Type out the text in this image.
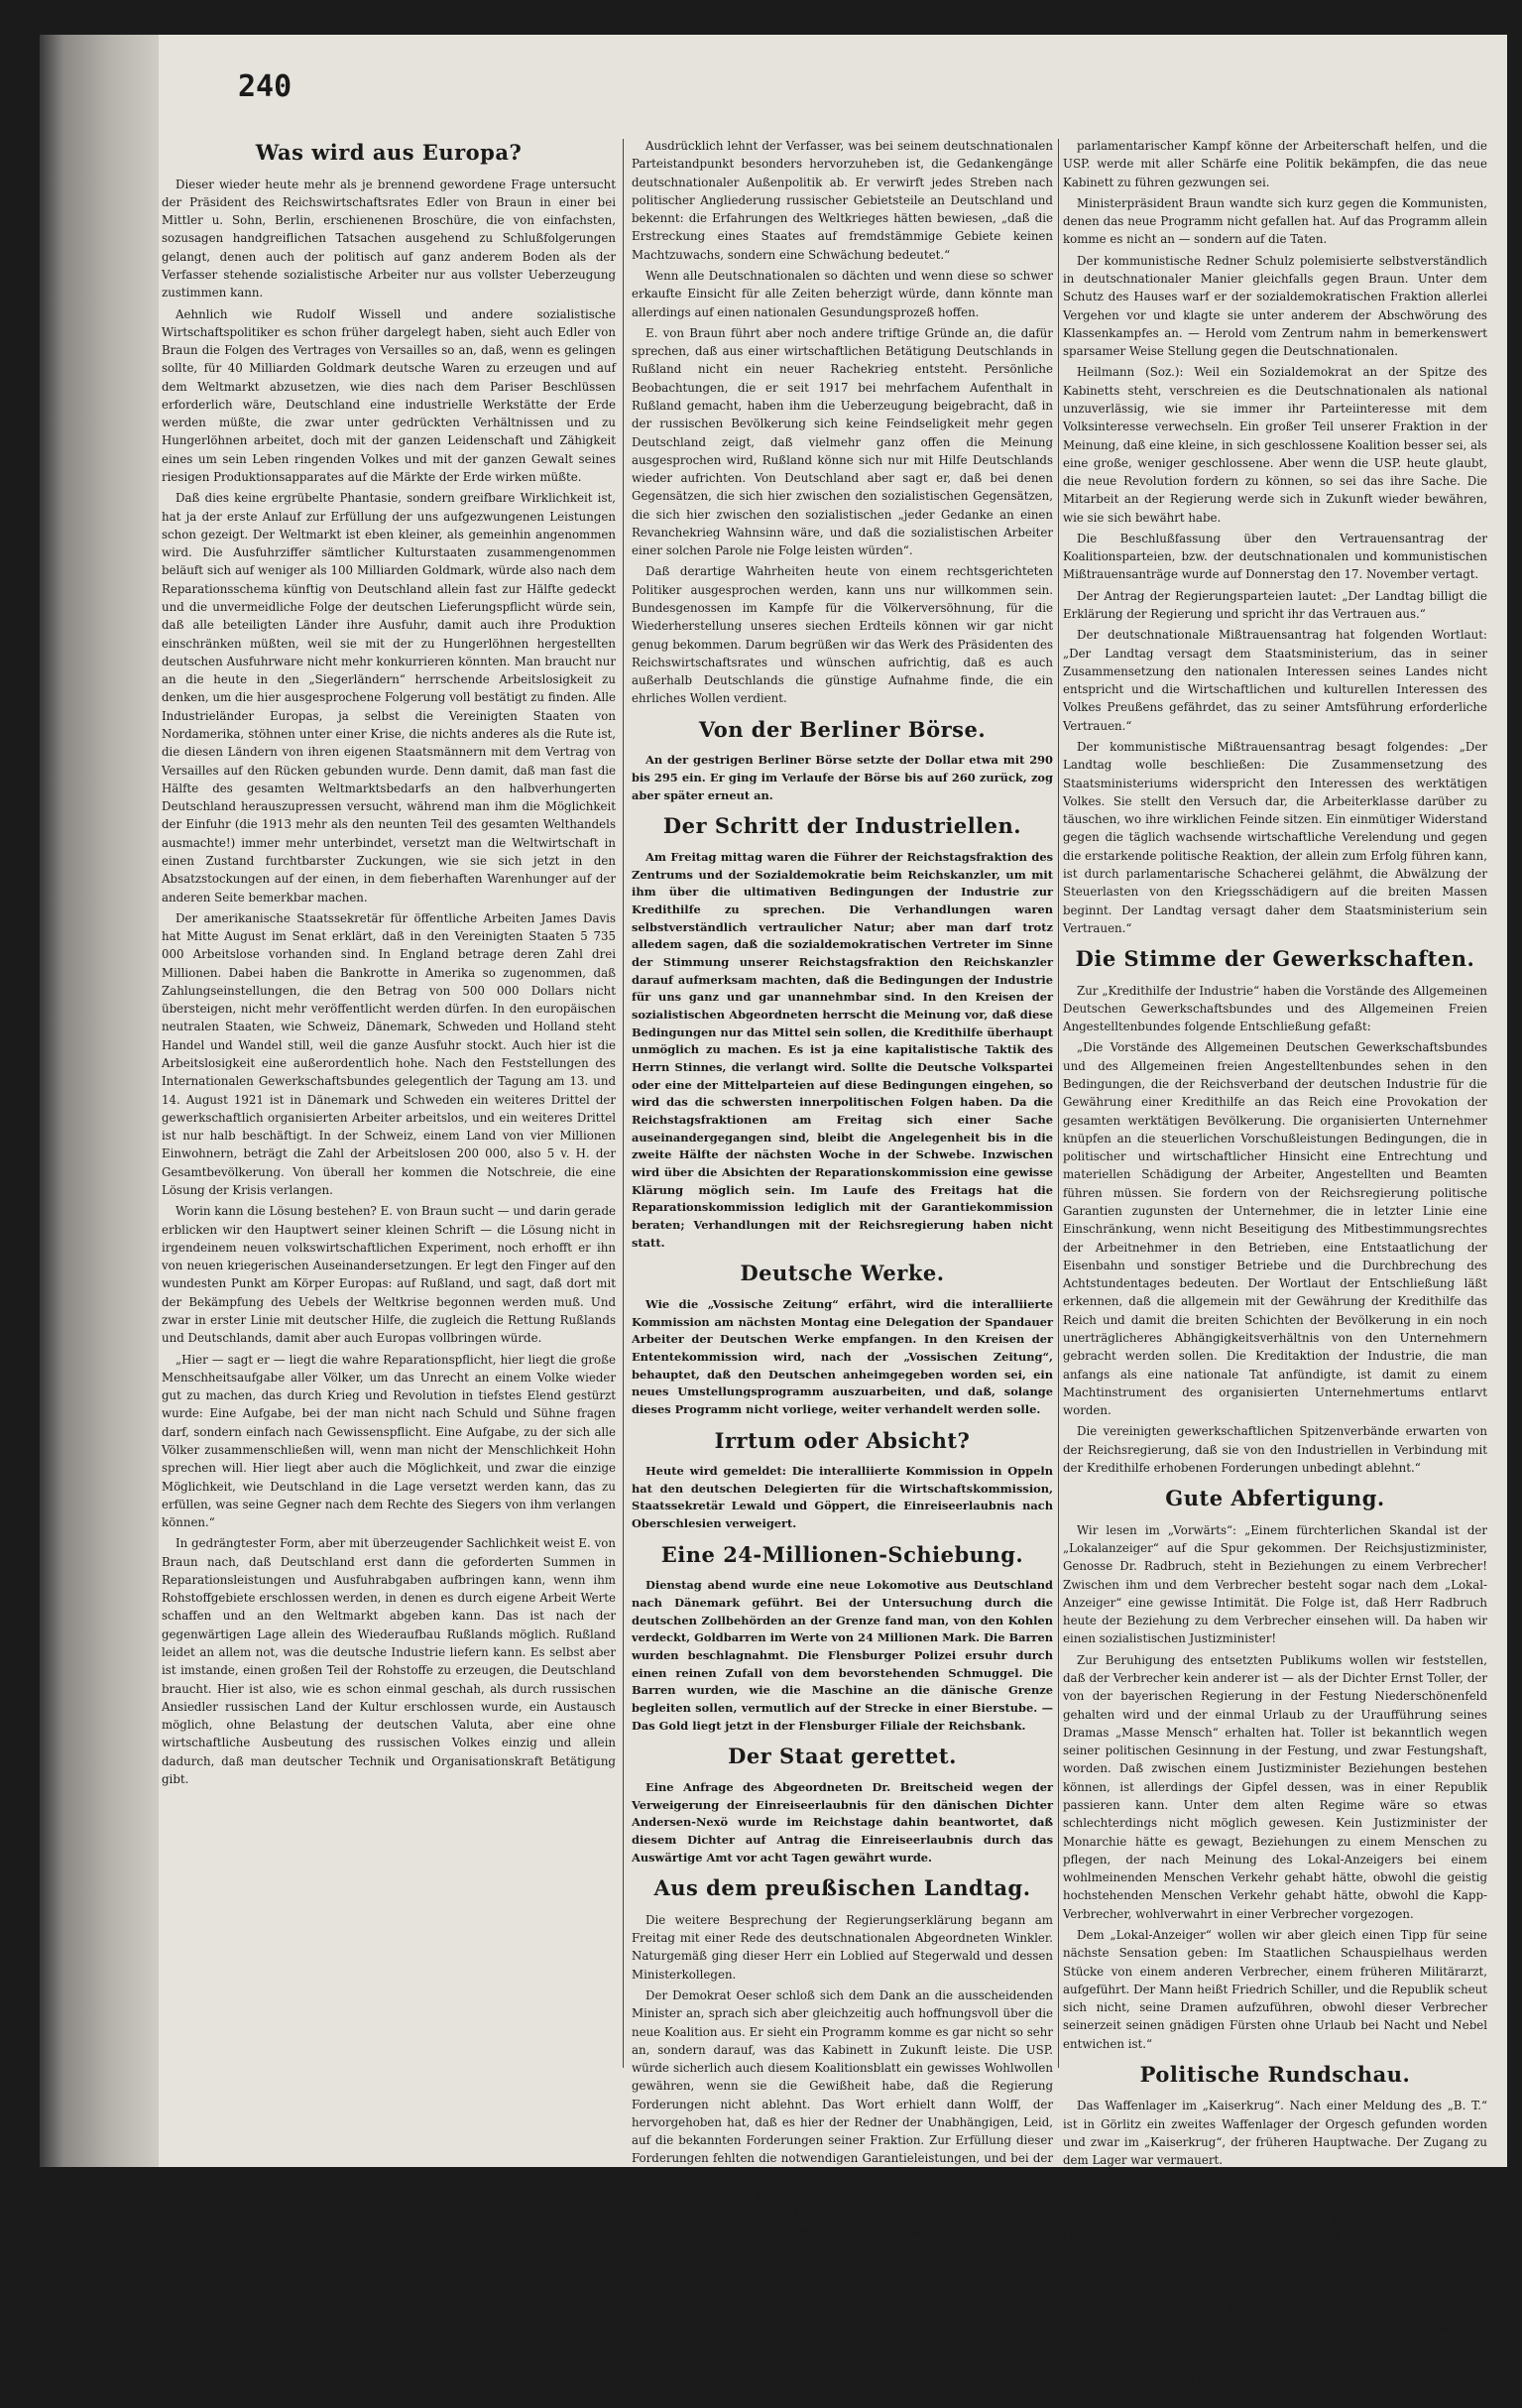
240
Was wird aus Europa?

Dieser wieder heute mehr als je brennend gewordene Frage untersucht der Präsident des Reichswirtschaftsrates Edler von Braun in einer bei Mittler u. Sohn, Berlin, erschienenen Broschüre, die von einfachsten, sozusagen handgreiflichen Tatsachen ausgehend zu Schlußfolgerungen gelangt, denen auch der politisch auf ganz anderem Boden als der Verfasser stehende sozialistische Arbeiter nur aus vollster Ueberzeugung zustimmen kann.

Aehnlich wie Rudolf Wissell und andere sozialistische Wirtschaftspolitiker es schon früher dargelegt haben, sieht auch Edler von Braun die Folgen des Vertrages von Versailles so an, daß, wenn es gelingen sollte, für 40 Milliarden Goldmark deutsche Waren zu erzeugen und auf dem Weltmarkt abzusetzen, wie dies nach dem Pariser Beschlüssen erforderlich wäre, Deutschland eine industrielle Werkstätte der Erde werden müßte, die zwar unter gedrückten Verhältnissen und zu Hungerlöhnen arbeitet, doch mit der ganzen Leidenschaft und Zähigkeit eines um sein Leben ringenden Volkes und mit der ganzen Gewalt seines riesigen Produktionsapparates auf die Märkte der Erde wirken müßte.

Daß dies keine ergrübelte Phantasie, sondern greifbare Wirklichkeit ist, hat ja der erste Anlauf zur Erfüllung der uns aufgezwungenen Leistungen schon gezeigt. Der Weltmarkt ist eben kleiner, als gemeinhin angenommen wird. Die Ausfuhrziffer sämtlicher Kulturstaaten zusammengenommen beläuft sich auf weniger als 100 Milliarden Goldmark, würde also nach dem Reparationsschema künftig von Deutschland allein fast zur Hälfte gedeckt und die unvermeidliche Folge der deutschen Lieferungspflicht würde sein, daß alle beteiligten Länder ihre Ausfuhr, damit auch ihre Produktion einschränken müßten, weil sie mit der zu Hungerlöhnen hergestellten deutschen Ausfuhrware nicht mehr konkurrieren könnten. Man braucht nur an die heute in den „Siegerländern“ herrschende Arbeitslosigkeit zu denken, um die hier ausgesprochene Folgerung voll bestätigt zu finden. Alle Industrieländer Europas, ja selbst die Vereinigten Staaten von Nordamerika, stöhnen unter einer Krise, die nichts anderes als die Rute ist, die diesen Ländern von ihren eigenen Staatsmännern mit dem Vertrag von Versailles auf den Rücken gebunden wurde. Denn damit, daß man fast die Hälfte des gesamten Weltmarktsbedarfs an den halbverhungerten Deutschland herauszupressen versucht, während man ihm die Möglichkeit der Einfuhr (die 1913 mehr als den neunten Teil des gesamten Welthandels ausmachte!) immer mehr unterbindet, versetzt man die Weltwirtschaft in einen Zustand furchtbarster Zuckungen, wie sie sich jetzt in den Absatzstockungen auf der einen, in dem fieberhaften Warenhunger auf der anderen Seite bemerkbar machen.

Der amerikanische Staatssekretär für öffentliche Arbeiten James Davis hat Mitte August im Senat erklärt, daß in den Vereinigten Staaten 5 735 000 Arbeitslose vorhanden sind. In England betrage deren Zahl drei Millionen. Dabei haben die Bankrotte in Amerika so zugenommen, daß Zahlungseinstellungen, die den Betrag von 500 000 Dollars nicht übersteigen, nicht mehr veröffentlicht werden dürfen. In den europäischen neutralen Staaten, wie Schweiz, Dänemark, Schweden und Holland steht Handel und Wandel still, weil die ganze Ausfuhr stockt. Auch hier ist die Arbeitslosigkeit eine außerordentlich hohe. Nach den Feststellungen des Internationalen Gewerkschaftsbundes gelegentlich der Tagung am 13. und 14. August 1921 ist in Dänemark und Schweden ein weiteres Drittel der gewerkschaftlich organisierten Arbeiter arbeitslos, und ein weiteres Drittel ist nur halb beschäftigt. In der Schweiz, einem Land von vier Millionen Einwohnern, beträgt die Zahl der Arbeitslosen 200 000, also 5 v. H. der Gesamtbevölkerung. Von überall her kommen die Notschreie, die eine Lösung der Krisis verlangen.

Worin kann die Lösung bestehen? E. von Braun sucht — und darin gerade erblicken wir den Hauptwert seiner kleinen Schrift — die Lösung nicht in irgendeinem neuen volkswirtschaftlichen Experiment, noch erhofft er ihn von neuen kriegerischen Auseinandersetzungen. Er legt den Finger auf den wundesten Punkt am Körper Europas: auf Rußland, und sagt, daß dort mit der Bekämpfung des Uebels der Weltkrise begonnen werden muß. Und zwar in erster Linie mit deutscher Hilfe, die zugleich die Rettung Rußlands und Deutschlands, damit aber auch Europas vollbringen würde.

„Hier — sagt er — liegt die wahre Reparationspflicht, hier liegt die große Menschheitsaufgabe aller Völker, um das Unrecht an einem Volke wieder gut zu machen, das durch Krieg und Revolution in tiefstes Elend gestürzt wurde: Eine Aufgabe, bei der man nicht nach Schuld und Sühne fragen darf, sondern einfach nach Gewissenspflicht. Eine Aufgabe, zu der sich alle Völker zusammenschließen will, wenn man nicht der Menschlichkeit Hohn sprechen will. Hier liegt aber auch die Möglichkeit, und zwar die einzige Möglichkeit, wie Deutschland in die Lage versetzt werden kann, das zu erfüllen, was seine Gegner nach dem Rechte des Siegers von ihm verlangen können.“

In gedrängtester Form, aber mit überzeugender Sachlichkeit weist E. von Braun nach, daß Deutschland erst dann die geforderten Summen in Reparationsleistungen und Ausfuhrabgaben aufbringen kann, wenn ihm Rohstoffgebiete erschlossen werden, in denen es durch eigene Arbeit Werte schaffen und an den Weltmarkt abgeben kann. Das ist nach der gegenwärtigen Lage allein des Wiederaufbau Rußlands möglich. Rußland leidet an allem not, was die deutsche Industrie liefern kann. Es selbst aber ist imstande, einen großen Teil der Rohstoffe zu erzeugen, die Deutschland braucht. Hier ist also, wie es schon einmal geschah, als durch russischen Ansiedler russischen Land der Kultur erschlossen wurde, ein Austausch möglich, ohne Belastung der deutschen Valuta, aber eine ohne wirtschaftliche Ausbeutung des russischen Volkes einzig und allein dadurch, daß man deutscher Technik und Organisationskraft Betätigung gibt.

Ausdrücklich lehnt der Verfasser, was bei seinem deutschnationalen Parteistandpunkt besonders hervorzuheben ist, die Gedankengänge deutschnationaler Außenpolitik ab. Er verwirft jedes Streben nach politischer Angliederung russischer Gebietsteile an Deutschland und bekennt: die Erfahrungen des Weltkrieges hätten bewiesen, „daß die Erstreckung eines Staates auf fremdstämmige Gebiete keinen Machtzuwachs, sondern eine Schwächung bedeutet.“

Wenn alle Deutschnationalen so dächten und wenn diese so schwer erkaufte Einsicht für alle Zeiten beherzigt würde, dann könnte man allerdings auf einen nationalen Gesundungsprozeß hoffen.

E. von Braun führt aber noch andere triftige Gründe an, die dafür sprechen, daß aus einer wirtschaftlichen Betätigung Deutschlands in Rußland nicht ein neuer Rachekrieg entsteht. Persönliche Beobachtungen, die er seit 1917 bei mehrfachem Aufenthalt in Rußland gemacht, haben ihm die Ueberzeugung beigebracht, daß in der russischen Bevölkerung sich keine Feindseligkeit mehr gegen Deutschland zeigt, daß vielmehr ganz offen die Meinung ausgesprochen wird, Rußland könne sich nur mit Hilfe Deutschlands wieder aufrichten. Von Deutschland aber sagt er, daß bei denen Gegensätzen, die sich hier zwischen den sozialistischen Gegensätzen, die sich hier zwischen den sozialistischen „jeder Gedanke an einen Revanchekrieg Wahnsinn wäre, und daß die sozialistischen Arbeiter einer solchen Parole nie Folge leisten würden“.

Daß derartige Wahrheiten heute von einem rechtsgerichteten Politiker ausgesprochen werden, kann uns nur willkommen sein. Bundesgenossen im Kampfe für die Völkerversöhnung, für die Wiederherstellung unseres siechen Erdteils können wir gar nicht genug bekommen. Darum begrüßen wir das Werk des Präsidenten des Reichswirtschaftsrates und wünschen aufrichtig, daß es auch außerhalb Deutschlands die günstige Aufnahme finde, die ein ehrliches Wollen verdient.

Von der Berliner Börse.

An der gestrigen Berliner Börse setzte der Dollar etwa mit 290 bis 295 ein. Er ging im Verlaufe der Börse bis auf 260 zurück, zog aber später erneut an.

Der Schritt der Industriellen.

Am Freitag mittag waren die Führer der Reichstagsfraktion des Zentrums und der Sozialdemokratie beim Reichskanzler, um mit ihm über die ultimativen Bedingungen der Industrie zur Kredithilfe zu sprechen. Die Verhandlungen waren selbstverständlich vertraulicher Natur; aber man darf trotz alledem sagen, daß die sozialdemokratischen Vertreter im Sinne der Stimmung unserer Reichstagsfraktion den Reichskanzler darauf aufmerksam machten, daß die Bedingungen der Industrie für uns ganz und gar unannehmbar sind. In den Kreisen der sozialistischen Abgeordneten herrscht die Meinung vor, daß diese Bedingungen nur das Mittel sein sollen, die Kredithilfe überhaupt unmöglich zu machen. Es ist ja eine kapitalistische Taktik des Herrn Stinnes, die verlangt wird. Sollte die Deutsche Volkspartei oder eine der Mittelparteien auf diese Bedingungen eingehen, so wird das die schwersten innerpolitischen Folgen haben. Da die Reichstagsfraktionen am Freitag sich einer Sache auseinandergegangen sind, bleibt die Angelegenheit bis in die zweite Hälfte der nächsten Woche in der Schwebe. Inzwischen wird über die Absichten der Reparationskommission eine gewisse Klärung möglich sein. Im Laufe des Freitags hat die Reparationskommission lediglich mit der Garantiekommission beraten; Verhandlungen mit der Reichsregierung haben nicht statt.

Deutsche Werke.

Wie die „Vossische Zeitung“ erfährt, wird die interalliierte Kommission am nächsten Montag eine Delegation der Spandauer Arbeiter der Deutschen Werke empfangen. In den Kreisen der Ententekommission wird, nach der „Vossischen Zeitung“, behauptet, daß den Deutschen anheimgegeben worden sei, ein neues Umstellungsprogramm auszuarbeiten, und daß, solange dieses Programm nicht vorliege, weiter verhandelt werden solle.

Irrtum oder Absicht?

Heute wird gemeldet: Die interalliierte Kommission in Oppeln hat den deutschen Delegierten für die Wirtschaftskommission, Staatssekretär Lewald und Göppert, die Einreiseerlaubnis nach Oberschlesien verweigert.

Eine 24-Millionen-Schiebung.

Dienstag abend wurde eine neue Lokomotive aus Deutschland nach Dänemark geführt. Bei der Untersuchung durch die deutschen Zollbehörden an der Grenze fand man, von den Kohlen verdeckt, Goldbarren im Werte von 24 Millionen Mark. Die Barren wurden beschlagnahmt. Die Flensburger Polizei ersuhr durch einen reinen Zufall von dem bevorstehenden Schmuggel. Die Barren wurden, wie die Maschine an die dänische Grenze begleiten sollen, vermutlich auf der Strecke in einer Bierstube. — Das Gold liegt jetzt in der Flensburger Filiale der Reichsbank.

Der Staat gerettet.

Eine Anfrage des Abgeordneten Dr. Breitscheid wegen der Verweigerung der Einreiseerlaubnis für den dänischen Dichter Andersen-Nexö wurde im Reichstage dahin beantwortet, daß diesem Dichter auf Antrag die Einreiseerlaubnis durch das Auswärtige Amt vor acht Tagen gewährt wurde.

Aus dem preußischen Landtag.

Die weitere Besprechung der Regierungserklärung begann am Freitag mit einer Rede des deutschnationalen Abgeordneten Winkler. Naturgemäß ging dieser Herr ein Loblied auf Stegerwald und dessen Ministerkollegen.

Der Demokrat Oeser schloß sich dem Dank an die ausscheidenden Minister an, sprach sich aber gleichzeitig auch hoffnungsvoll über die neue Koalition aus. Er sieht ein Programm komme es gar nicht so sehr an, sondern darauf, was das Kabinett in Zukunft leiste. Die USP. würde sicherlich auch diesem Koalitionsblatt ein gewisses Wohlwollen gewähren, wenn sie die Gewißheit habe, daß die Regierung Forderungen nicht ablehnt. Das Wort erhielt dann Wolff, der hervorgehoben hat, daß es hier der Redner der Unabhängigen, Leid, auf die bekannten Forderungen seiner Fraktion. Zur Erfüllung dieser Forderungen fehlten die notwendigen Garantieleistungen, und bei der Paarung von Sozialdemokraten und Volksparteien sei es nicht leicht, sie zu schaffen. Die erste Aufgabe der Volksparteien sei es natürlich, die Sozialdemokraten zu bekämpfen. Es sei zu fürchten, daß die Regierung sich als Sachwalter des Kapitalismus erweise. Nur außerparlamentarischer Kampf könne der Arbeiterschaft helfen.

parlamentarischer Kampf könne der Arbeiterschaft helfen, und die USP. werde mit aller Schärfe eine Politik bekämpfen, die das neue Kabinett zu führen gezwungen sei.

Ministerpräsident Braun wandte sich kurz gegen die Kommunisten, denen das neue Programm nicht gefallen hat. Auf das Programm allein komme es nicht an — sondern auf die Taten.

Der kommunistische Redner Schulz polemisierte selbstverständlich in deutschnationaler Manier gleichfalls gegen Braun. Unter dem Schutz des Hauses warf er der sozialdemokratischen Fraktion allerlei Vergehen vor und klagte sie unter anderem der Abschwörung des Klassenkampfes an. — Herold vom Zentrum nahm in bemerkenswert sparsamer Weise Stellung gegen die Deutschnationalen.

Heilmann (Soz.): Weil ein Sozialdemokrat an der Spitze des Kabinetts steht, verschreien es die Deutschnationalen als national unzuverlässig, wie sie immer ihr Parteiinteresse mit dem Volksinteresse verwechseln. Ein großer Teil unserer Fraktion in der Meinung, daß eine kleine, in sich geschlossene Koalition besser sei, als eine große, weniger geschlossene. Aber wenn die USP. heute glaubt, die neue Revolution fordern zu können, so sei das ihre Sache. Die Mitarbeit an der Regierung werde sich in Zukunft wieder bewähren, wie sie sich bewährt habe.

Die Beschlußfassung über den Vertrauensantrag der Koalitionsparteien, bzw. der deutschnationalen und kommunistischen Mißtrauensanträge wurde auf Donnerstag den 17. November vertagt.

Der Antrag der Regierungsparteien lautet: „Der Landtag billigt die Erklärung der Regierung und spricht ihr das Vertrauen aus.“

Der deutschnationale Mißtrauensantrag hat folgenden Wortlaut: „Der Landtag versagt dem Staatsministerium, das in seiner Zusammensetzung den nationalen Interessen seines Landes nicht entspricht und die Wirtschaftlichen und kulturellen Interessen des Volkes Preußens gefährdet, das zu seiner Amtsführung erforderliche Vertrauen.“

Der kommunistische Mißtrauensantrag besagt folgendes: „Der Landtag wolle beschließen: Die Zusammensetzung des Staatsministeriums widerspricht den Interessen des werktätigen Volkes. Sie stellt den Versuch dar, die Arbeiterklasse darüber zu täuschen, wo ihre wirklichen Feinde sitzen. Ein einmütiger Widerstand gegen die täglich wachsende wirtschaftliche Verelendung und gegen die erstarkende politische Reaktion, der allein zum Erfolg führen kann, ist durch parlamentarische Schacherei gelähmt, die Abwälzung der Steuerlasten von den Kriegsschädigern auf die breiten Massen beginnt. Der Landtag versagt daher dem Staatsministerium sein Vertrauen.“

Die Stimme der Gewerkschaften.

Zur „Kredithilfe der Industrie“ haben die Vorstände des Allgemeinen Deutschen Gewerkschaftsbundes und des Allgemeinen Freien Angestelltenbundes folgende Entschließung gefaßt:

„Die Vorstände des Allgemeinen Deutschen Gewerkschaftsbundes und des Allgemeinen freien Angestelltenbundes sehen in den Bedingungen, die der Reichsverband der deutschen Industrie für die Gewährung einer Kredithilfe an das Reich eine Provokation der gesamten werktätigen Bevölkerung. Die organisierten Unternehmer knüpfen an die steuerlichen Vorschußleistungen Bedingungen, die in politischer und wirtschaftlicher Hinsicht eine Entrechtung und materiellen Schädigung der Arbeiter, Angestellten und Beamten führen müssen. Sie fordern von der Reichsregierung politische Garantien zugunsten der Unternehmer, die in letzter Linie eine Einschränkung, wenn nicht Beseitigung des Mitbestimmungsrechtes der Arbeitnehmer in den Betrieben, eine Entstaatlichung der Eisenbahn und sonstiger Betriebe und die Durchbrechung des Achtstundentages bedeuten. Der Wortlaut der Entschließung läßt erkennen, daß die allgemein mit der Gewährung der Kredithilfe das Reich und damit die breiten Schichten der Bevölkerung in ein noch unerträglicheres Abhängigkeitsverhältnis von den Unternehmern gebracht werden sollen. Die Kreditaktion der Industrie, die man anfangs als eine nationale Tat anfündigte, ist damit zu einem Machtinstrument des organisierten Unternehmertums entlarvt worden.

Die vereinigten gewerkschaftlichen Spitzenverbände erwarten von der Reichsregierung, daß sie von den Industriellen in Verbindung mit der Kredithilfe erhobenen Forderungen unbedingt ablehnt.“

Gute Abfertigung.

Wir lesen im „Vorwärts“: „Einem fürchterlichen Skandal ist der „Lokalanzeiger“ auf die Spur gekommen. Der Reichsjustizminister, Genosse Dr. Radbruch, steht in Beziehungen zu einem Verbrecher! Zwischen ihm und dem Verbrecher besteht sogar nach dem „Lokal-Anzeiger“ eine gewisse Intimität. Die Folge ist, daß Herr Radbruch heute der Beziehung zu dem Verbrecher einsehen will. Da haben wir einen sozialistischen Justizminister!

Zur Beruhigung des entsetzten Publikums wollen wir feststellen, daß der Verbrecher kein anderer ist — als der Dichter Ernst Toller, der von der bayerischen Regierung in der Festung Niederschönenfeld gehalten wird und der einmal Urlaub zu der Uraufführung seines Dramas „Masse Mensch“ erhalten hat. Toller ist bekanntlich wegen seiner politischen Gesinnung in der Festung, und zwar Festungshaft, worden. Daß zwischen einem Justizminister Beziehungen bestehen können, ist allerdings der Gipfel dessen, was in einer Republik passieren kann. Unter dem alten Regime wäre so etwas schlechterdings nicht möglich gewesen. Kein Justizminister der Monarchie hätte es gewagt, Beziehungen zu einem Menschen zu pflegen, der nach Meinung des Lokal-Anzeigers bei einem wohlmeinenden Menschen Verkehr gehabt hätte, obwohl die geistig hochstehenden Menschen Verkehr gehabt hätte, obwohl die Kapp-Verbrecher, wohlverwahrt in einer Verbrecher vorgezogen.

Dem „Lokal-Anzeiger“ wollen wir aber gleich einen Tipp für seine nächste Sensation geben: Im Staatlichen Schauspielhaus werden Stücke von einem anderen Verbrecher, einem früheren Militärarzt, aufgeführt. Der Mann heißt Friedrich Schiller, und die Republik scheut sich nicht, seine Dramen aufzuführen, obwohl dieser Verbrecher seinerzeit seinen gnädigen Fürsten ohne Urlaub bei Nacht und Nebel entwichen ist.“

Politische Rundschau.

Das Waffenlager im „Kaiserkrug“. Nach einer Meldung des „B. T.“ ist in Görlitz ein zweites Waffenlager der Orgesch gefunden worden und zwar im „Kaiserkrug“, der früheren Hauptwache. Der Zugang zu dem Lager war vermauert.

Politische Notizen. Die Zentrumsfraktion des Bürgerausschusses in Mannheim hat den Antrag gestellt, für den Aufenthalt von Ausländern eine Ausländersteuer einzuführen, welche jeweils in der Höhe des Heimatlandes des betreffenden Ausländers zu erheben ist. — Von den Regierungsparteien ist zum Hausgehilfengesetz die bei der Deutschen Hausfrauen-Vereine beim Reichstage Abänderungsvorschläge eingereicht, die nach einer Vorsitzenden des Regierungsentwurfs bedeutet würden. — Die demokratische Fraktion hat einen Antrag eingebracht, der Besuch der freiwillige Fortbildungsschulen vorschreibt. — Heute soll die Friedensurkunde zwischen Deutschland und Amerika ausgetauscht werden. — Von den Charlottenburger Gaswerken sind die Löhne für Arbeiter in der Stadt erhöht worden, jedoch die geforderte Beihilfe von 1000 Mark nicht bewilligt wurde.
